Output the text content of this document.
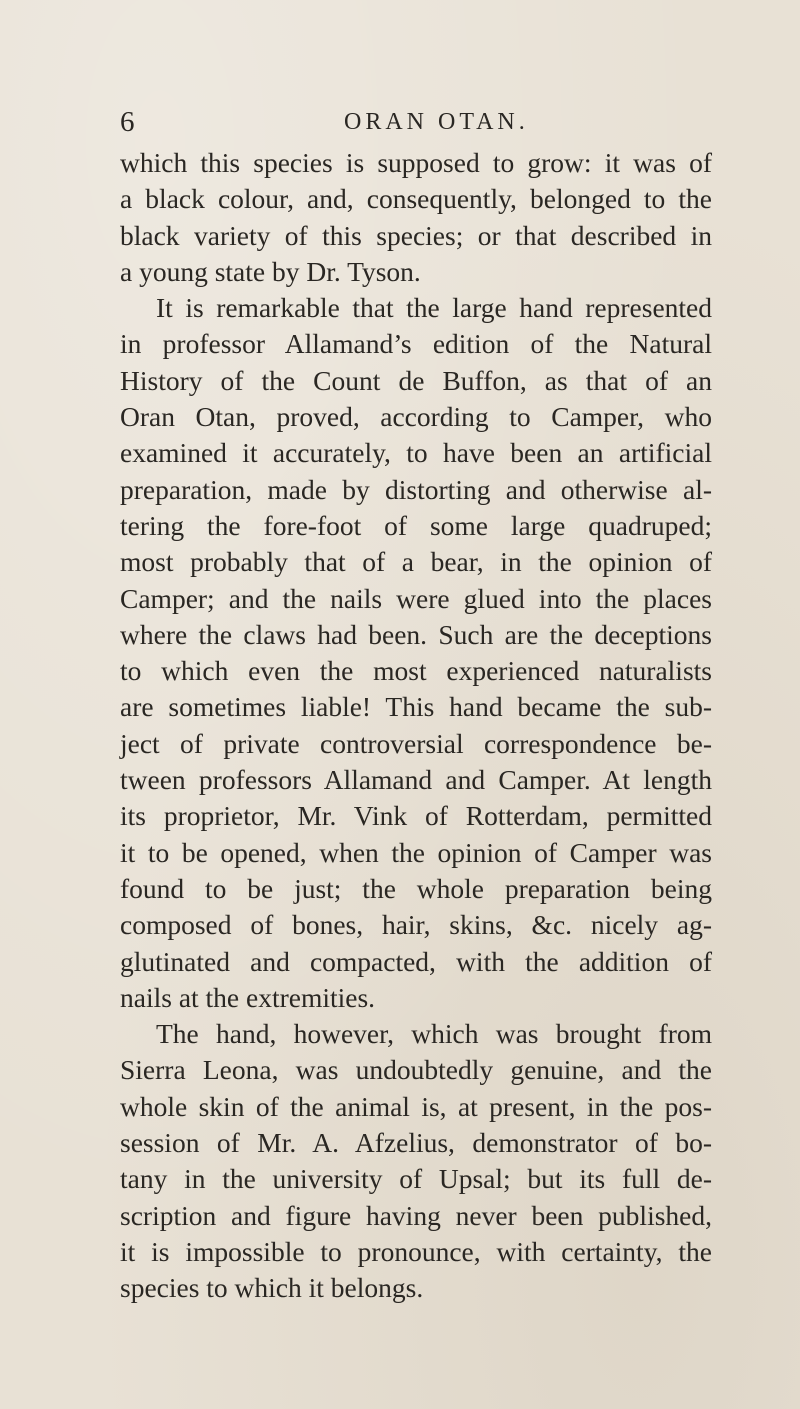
6	ORAN OTAN.
which this species is supposed to grow: it was of
a black colour, and, consequently, belonged to the
black variety of this species; or that described in
a young state by Dr. Tyson.
It is remarkable that the large hand represented
in professor Allamand’s edition of the Natural
History of the Count de Buffon, as that of an
Oran Otan, proved, according to Camper, who
examined it accurately, to have been an artificial
preparation, made by distorting and otherwise al-
tering the fore-foot of some large quadruped;
most probably that of a bear, in the opinion of
Camper; and the nails were glued into the places
where the claws had been. Such are the deceptions
to which even the most experienced naturalists
are sometimes liable! This hand became the sub-
ject of private controversial correspondence be-
tween professors Allamand and Camper. At length
its proprietor, Mr. Vink of Rotterdam, permitted
it to be opened, when the opinion of Camper was
found to be just; the whole preparation being
composed of bones, hair, skins, &c. nicely ag-
glutinated and compacted, with the addition of
nails at the extremities.
The hand, however, which was brought from
Sierra Leona, was undoubtedly genuine, and the
whole skin of the animal is, at present, in the pos-
session of Mr. A. Afzelius, demonstrator of bo-
tany in the university of Upsal; but its full de-
scription and figure having never been published,
it is impossible to pronounce, with certainty, the
species to which it belongs.
